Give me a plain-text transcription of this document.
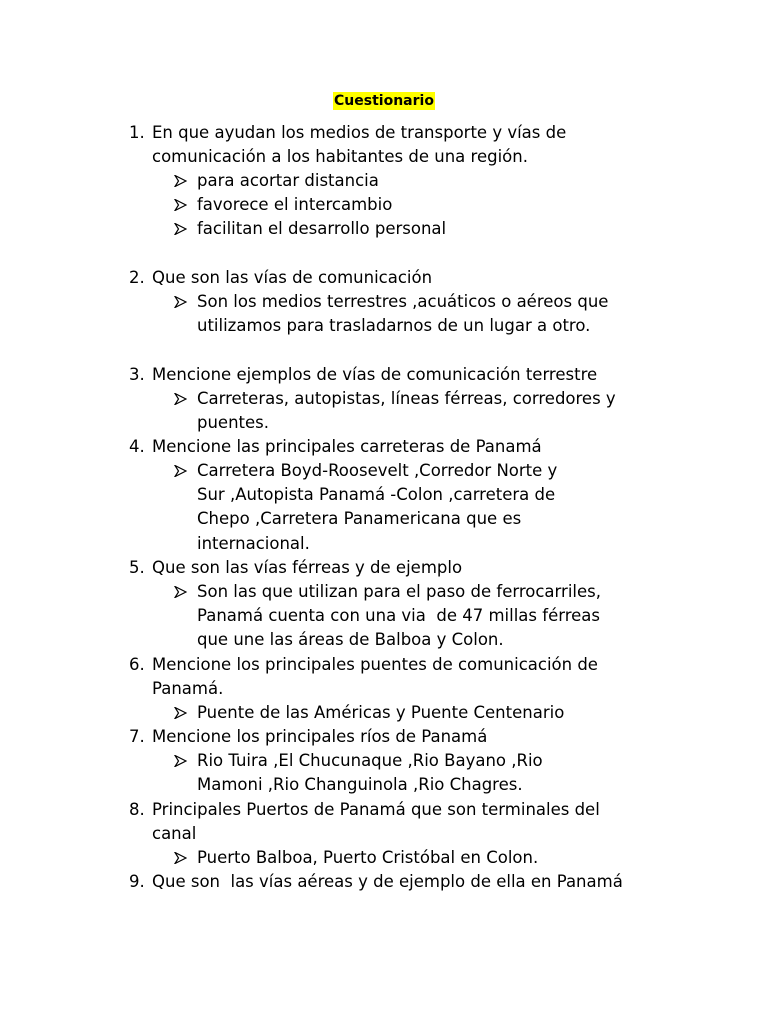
Cuestionario
1. En que ayudan los medios de transporte y vías de
comunicación a los habitantes de una región.
para acortar distancia
favorece el intercambio
facilitan el desarrollo personal
2. Que son las vías de comunicación
Son los medios terrestres ,acuáticos o aéreos que
utilizamos para trasladarnos de un lugar a otro.
3. Mencione ejemplos de vías de comunicación terrestre
Carreteras, autopistas, líneas férreas, corredores y
puentes.
4. Mencione las principales carreteras de Panamá
Carretera Boyd-Roosevelt ,Corredor Norte y
Sur ,Autopista Panamá -Colon ,carretera de
Chepo ,Carretera Panamericana que es
internacional.
5. Que son las vías férreas y de ejemplo
Son las que utilizan para el paso de ferrocarriles,
Panamá cuenta con una via  de 47 millas férreas
que une las áreas de Balboa y Colon.
6. Mencione los principales puentes de comunicación de
Panamá.
Puente de las Américas y Puente Centenario
7. Mencione los principales ríos de Panamá
Rio Tuira ,El Chucunaque ,Rio Bayano ,Rio
Mamoni ,Rio Changuinola ,Rio Chagres.
8. Principales Puertos de Panamá que son terminales del
canal
Puerto Balboa, Puerto Cristóbal en Colon.
9. Que son  las vías aéreas y de ejemplo de ella en Panamá
